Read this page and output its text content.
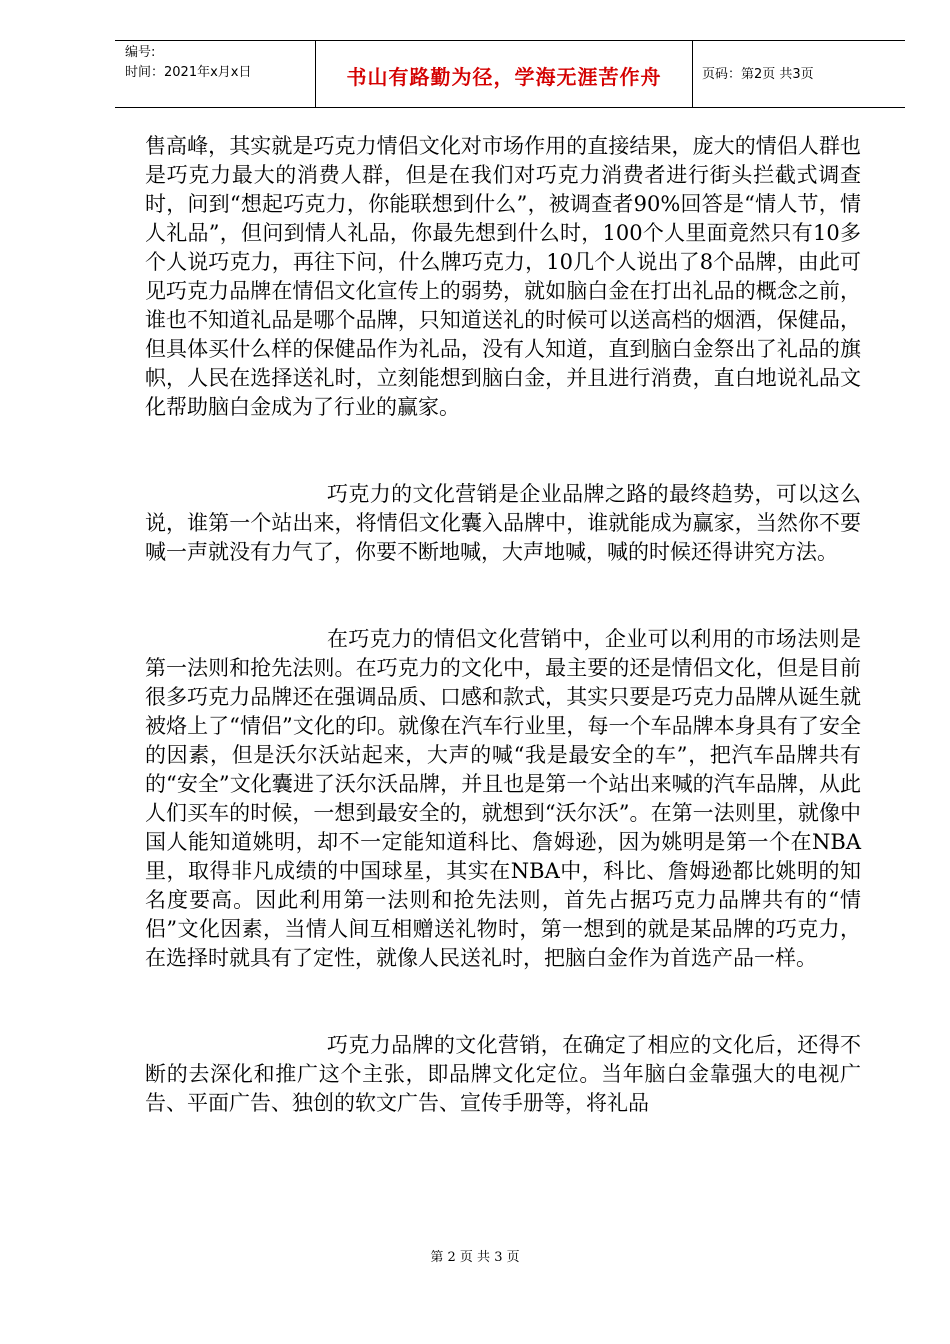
编号:
时间：2021年x月x日	书山有路勤为径，学海无涯苦作舟	页码：第2页 共3页

售高峰，其实就是巧克力情侣文化对市场作用的直接结果，庞大的情侣人群也是巧克力最大的消费人群，但是在我们对巧克力消费者进行街头拦截式调查时，问到“想起巧克力，你能联想到什么”，被调查者90%回答是“情人节，情人礼品”，但问到情人礼品，你最先想到什么时，100个人里面竟然只有10多个人说巧克力，再往下问，什么牌巧克力，10几个人说出了8个品牌，由此可见巧克力品牌在情侣文化宣传上的弱势，就如脑白金在打出礼品的概念之前，谁也不知道礼品是哪个品牌，只知道送礼的时候可以送高档的烟酒，保健品，但具体买什么样的保健品作为礼品，没有人知道，直到脑白金祭出了礼品的旗帜，人民在选择送礼时，立刻能想到脑白金，并且进行消费，直白地说礼品文化帮助脑白金成为了行业的赢家。

巧克力的文化营销是企业品牌之路的最终趋势，可以这么说，谁第一个站出来，将情侣文化囊入品牌中，谁就能成为赢家，当然你不要喊一声就没有力气了，你要不断地喊，大声地喊，喊的时候还得讲究方法。

在巧克力的情侣文化营销中，企业可以利用的市场法则是第一法则和抢先法则。在巧克力的文化中，最主要的还是情侣文化，但是目前很多巧克力品牌还在强调品质、口感和款式，其实只要是巧克力品牌从诞生就被烙上了“情侣”文化的印。就像在汽车行业里，每一个车品牌本身具有了安全的因素，但是沃尔沃站起来，大声的喊“我是最安全的车”，把汽车品牌共有的“安全”文化囊进了沃尔沃品牌，并且也是第一个站出来喊的汽车品牌，从此人们买车的时候，一想到最安全的，就想到“沃尔沃”。在第一法则里，就像中国人能知道姚明，却不一定能知道科比、詹姆逊，因为姚明是第一个在NBA里，取得非凡成绩的中国球星，其实在NBA中，科比、詹姆逊都比姚明的知名度要高。因此利用第一法则和抢先法则，首先占据巧克力品牌共有的“情侣”文化因素，当情人间互相赠送礼物时，第一想到的就是某品牌的巧克力，在选择时就具有了定性，就像人民送礼时，把脑白金作为首选产品一样。

巧克力品牌的文化营销，在确定了相应的文化后，还得不断的去深化和推广这个主张，即品牌文化定位。当年脑白金靠强大的电视广告、平面广告、独创的软文广告、宣传手册等，将礼品

第 2 页 共 3 页
